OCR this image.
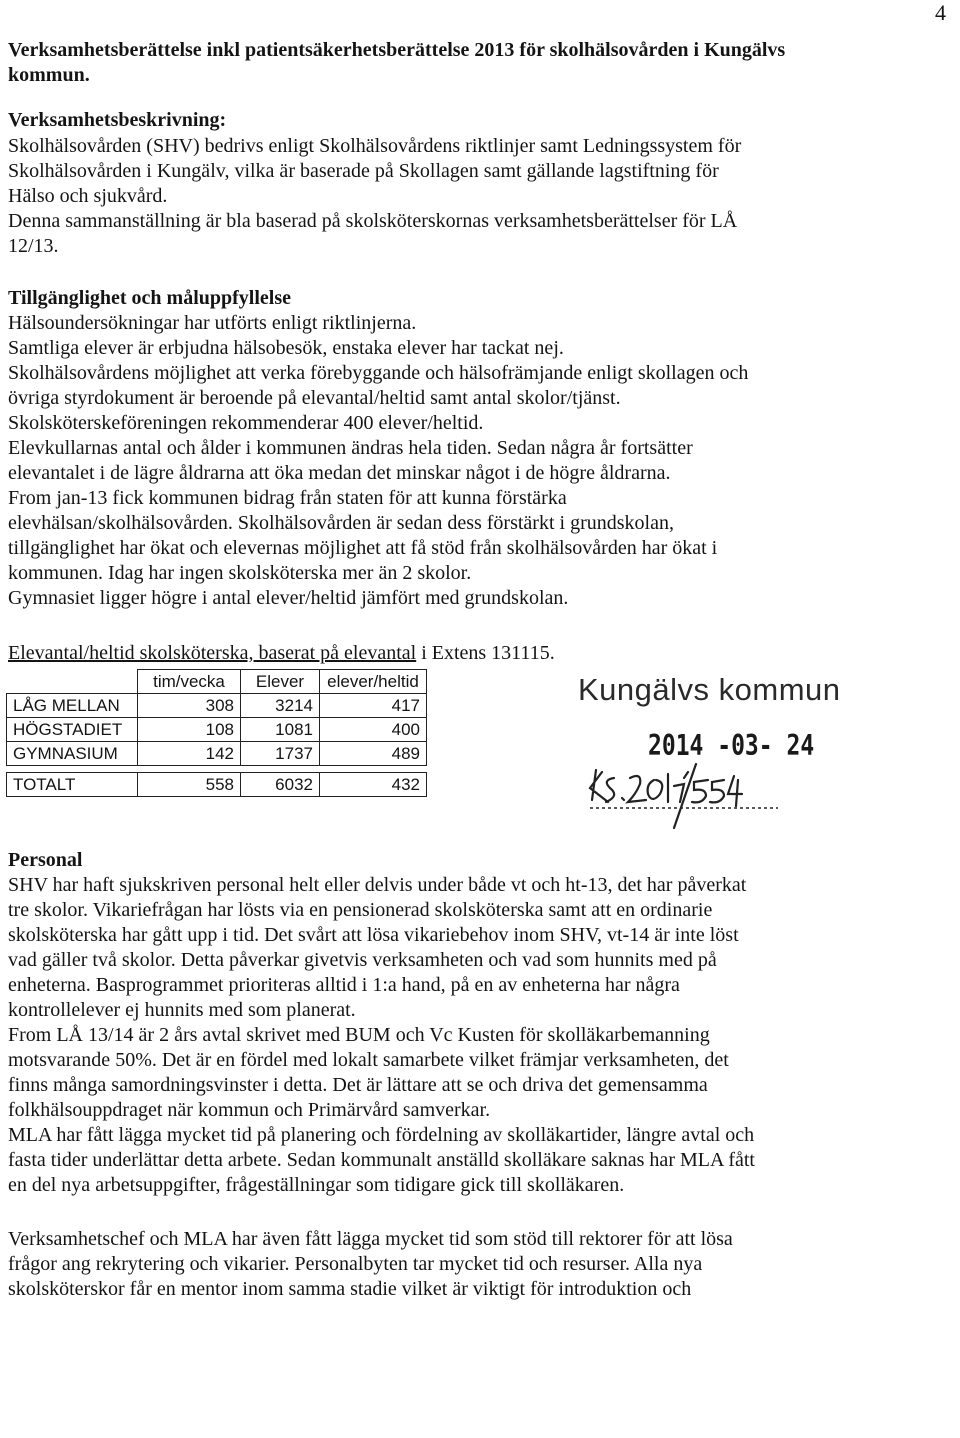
4
Verksamhetsberättelse inkl patientsäkerhetsberättelse 2013 för skolhälsovården i Kungälvs kommun.
Verksamhetsbeskrivning:
Skolhälsovården (SHV) bedrivs enligt Skolhälsovårdens riktlinjer samt Ledningssystem för
Skolhälsovården i Kungälv, vilka är baserade på Skollagen samt gällande lagstiftning för
Hälso och sjukvård.
Denna sammanställning är bla baserad på skolsköterskornas verksamhetsberättelser för LÅ
12/13.
Tillgänglighet och måluppfyllelse
Hälsoundersökningar har utförts enligt riktlinjerna.
Samtliga elever är erbjudna hälsobesök, enstaka elever har tackat nej.
Skolhälsovårdens möjlighet att verka förebyggande och hälsofrämjande enligt skollagen och
övriga styrdokument är beroende på elevantal/heltid samt antal skolor/tjänst.
Skolsköterskeföreningen rekommenderar 400 elever/heltid.
Elevkullarnas antal och ålder i kommunen ändras hela tiden. Sedan några år fortsätter
elevantalet i de lägre åldrarna att öka medan det minskar något i de högre åldrarna.
From jan-13 fick kommunen bidrag från staten för att kunna förstärka
elevhälsan/skolhälsovården. Skolhälsovården är sedan dess förstärkt i grundskolan,
tillgänglighet har ökat och elevernas möjlighet att få stöd från skolhälsovården har ökat i
kommunen. Idag har ingen skolsköterska mer än 2 skolor.
Gymnasiet ligger högre i antal elever/heltid jämfört med grundskolan.
Elevantal/heltid skolsköterska, baserat på elevantal i Extens 131115.
	tim/vecka	Elever	elever/heltid
LÅG MELLAN	308	3214	417
HÖGSTADIET	108	1081	400
GYMNASIUM	142	1737	489

TOTALT	558	6032	432
Kungälvs kommun
2014 -03- 24
Personal
SHV har haft sjukskriven personal helt eller delvis under både vt och ht-13, det har påverkat
tre skolor. Vikariefrågan har lösts via en pensionerad skolsköterska samt att en ordinarie
skolsköterska har gått upp i tid. Det svårt att lösa vikariebehov inom SHV, vt-14 är inte löst
vad gäller två skolor. Detta påverkar givetvis verksamheten och vad som hunnits med på
enheterna. Basprogrammet prioriteras alltid i 1:a hand, på en av enheterna har några
kontrollelever ej hunnits med som planerat.
From LÅ 13/14 är 2 års avtal skrivet med BUM och Vc Kusten för skolläkarbemanning
motsvarande 50%. Det är en fördel med lokalt samarbete vilket främjar verksamheten, det
finns många samordningsvinster i detta. Det är lättare att se och driva det gemensamma
folkhälsouppdraget när kommun och Primärvård samverkar.
MLA har fått lägga mycket tid på planering och fördelning av skolläkartider, längre avtal och
fasta tider underlättar detta arbete. Sedan kommunalt anställd skolläkare saknas har MLA fått
en del nya arbetsuppgifter, frågeställningar som tidigare gick till skolläkaren.
Verksamhetschef och MLA har även fått lägga mycket tid som stöd till rektorer för att lösa
frågor ang rekrytering och vikarier. Personalbyten tar mycket tid och resurser. Alla nya
skolsköterskor får en mentor inom samma stadie vilket är viktigt för introduktion och
